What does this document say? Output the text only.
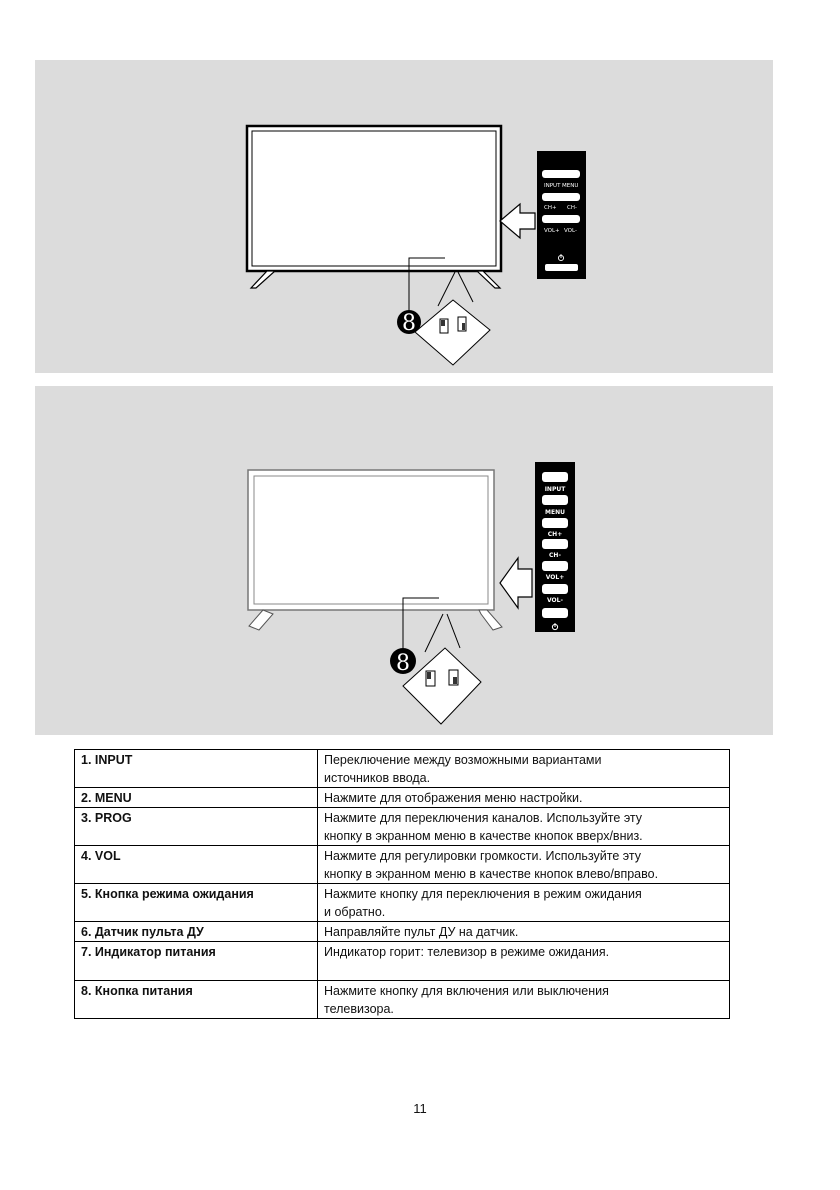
8
INPUT MENU
CH+ CH-
VOL+ VOL-
8
INPUT
MENU
CH+
CH-
VOL+
VOL-
1. INPUT	Переключение между возможными вариантами
источников ввода.
2. MENU	Нажмите для отображения меню настройки.
3. PROG	Нажмите для переключения каналов. Используйте эту
кнопку в экранном меню в качестве кнопок вверх/вниз.
4. VOL	Нажмите для регулировки громкости. Используйте эту
кнопку в экранном меню в качестве кнопок влево/вправо.
5. Кнопка режима ожидания	Нажмите кнопку для переключения в режим ожидания
и обратно.
6. Датчик пульта ДУ	Направляйте пульт ДУ на датчик.
7. Индикатор питания	Индикатор горит: телевизор в режиме ожидания.
8. Кнопка питания	Нажмите кнопку для включения или выключения
телевизора.
11
